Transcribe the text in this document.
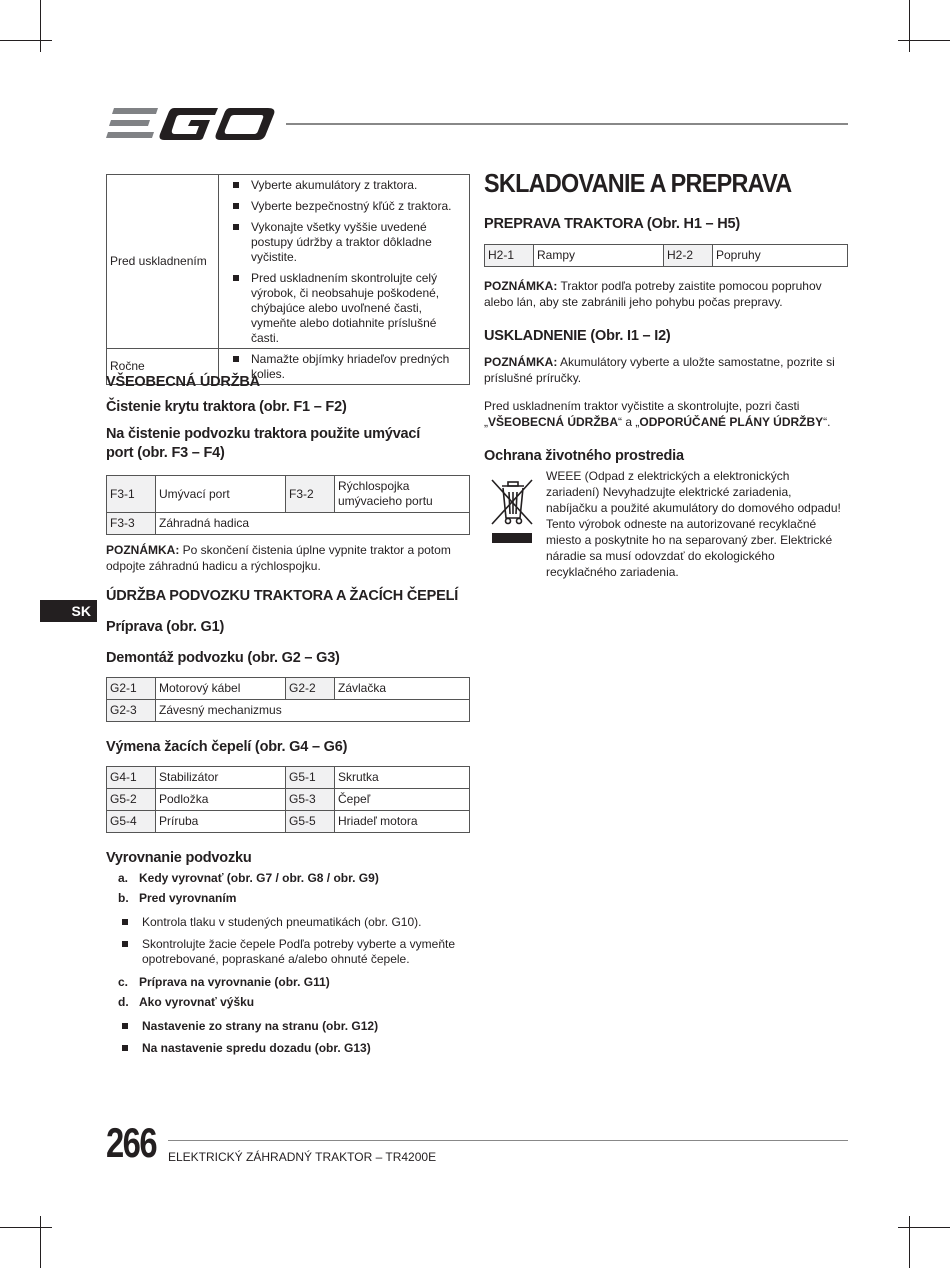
SK
Pred uskladnením	Vyberte akumulátory z traktora.
Vyberte bezpečnostný kľúč z traktora.
Vykonajte všetky vyššie uvedené postupy údržby a traktor dôkladne vyčistite.
Pred uskladnením skontrolujte celý výrobok, či neobsahuje poškodené, chýbajúce alebo uvoľnené časti, vymeňte alebo dotiahnite príslušné časti.

Ročne	Namažte objímky hriadeľov predných kolies.
VŠEOBECNÁ ÚDRŽBA
Čistenie krytu traktora (obr. F1 – F2)
Na čistenie podvozku traktora použite umývací port (obr. F3 – F4)
F3-1	Umývací port	F3-2	Rýchlospojka umývacieho portu
F3-3	Záhradná hadica		
POZNÁMKA: Po skončení čistenia úplne vypnite traktor a potom odpojte záhradnú hadicu a rýchlospojku.
ÚDRŽBA PODVOZKU TRAKTORA A ŽACÍCH ČEPELÍ
Príprava (obr. G1)
Demontáž podvozku (obr. G2 – G3)
G2-1	Motorový kábel	G2-2	Závlačka
G2-3	Závesný mechanizmus		
Výmena žacích čepelí (obr. G4 – G6)
G4-1	Stabilizátor	G5-1	Skrutka
G5-2	Podložka	G5-3	Čepeľ
G5-4	Príruba	G5-5	Hriadeľ motora
Vyrovnanie podvozku
a. Kedy vyrovnať (obr. G7 / obr. G8 / obr. G9)
b. Pred vyrovnaním
Kontrola tlaku v studených pneumatikách (obr. G10).
Skontrolujte žacie čepele Podľa potreby vyberte a vymeňte opotrebované, popraskané a/alebo ohnuté čepele.
c. Príprava na vyrovnanie (obr. G11)
d. Ako vyrovnať výšku
Nastavenie zo strany na stranu (obr. G12)
Na nastavenie spredu dozadu (obr. G13)
SKLADOVANIE A PREPRAVA
PREPRAVA TRAKTORA (Obr. H1 – H5)
H2-1	Rampy	H2-2	Popruhy
POZNÁMKA: Traktor podľa potreby zaistite pomocou popruhov alebo lán, aby ste zabránili jeho pohybu počas prepravy.
USKLADNENIE (Obr. I1 – I2)
POZNÁMKA: Akumulátory vyberte a uložte samostatne, pozrite si príslušné príručky.
Pred uskladnením traktor vyčistite a skontrolujte, pozri časti „VŠEOBECNÁ ÚDRŽBA“ a „ODPORÚČANÉ PLÁNY ÚDRŽBY“.
Ochrana životného prostredia
WEEE (Odpad z elektrických a elektronických zariadení) Nevyhadzujte elektrické zariadenia, nabíjačku a použité akumulátory do domového odpadu! Tento výrobok odneste na autorizované recyklačné miesto a poskytnite ho na separovaný zber. Elektrické náradie sa musí odovzdať do ekologického recyklačného zariadenia.
266 ELEKTRICKÝ ZÁHRADNÝ TRAKTOR – TR4200E
